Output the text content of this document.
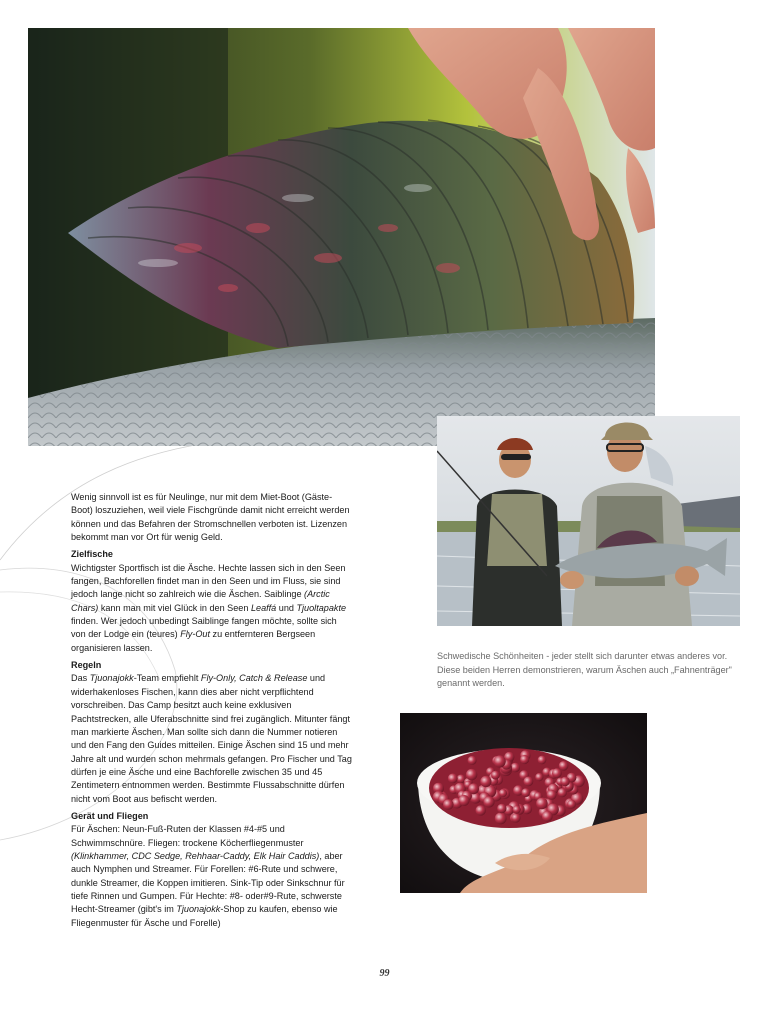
Wenig sinnvoll ist es für Neulinge, nur mit dem Miet-Boot (Gäste-Boot) loszuziehen, weil viele Fischgründe damit nicht erreicht werden können und das Befahren der Stromschnellen verboten ist. Lizenzen bekommt man vor Ort für wenig Geld.

Zielfische

Wichtigster Sportfisch ist die Äsche. Hechte lassen sich in den Seen fangen, Bachforellen findet man in den Seen und im Fluss, sie sind jedoch lange nicht so zahlreich wie die Äschen. Saiblinge (Arctic Chars) kann man mit viel Glück in den Seen Leaffá und Tjuoltapakte finden. Wer jedoch unbedingt Saiblinge fangen möchte, sollte sich von der Lodge ein (teures) Fly-Out zu entfernteren Bergseen organisieren lassen.

Regeln

Das Tjuonajokk-Team empfiehlt Fly-Only, Catch & Release und widerhakenloses Fischen, kann dies aber nicht verpflichtend vorschreiben. Das Camp besitzt auch keine exklusiven Pachtstrecken, alle Uferabschnitte sind frei zugänglich. Mitunter fängt man markierte Äschen. Man sollte sich dann die Nummer notieren und den Fang den Guides mitteilen. Einige Äschen sind 15 und mehr Jahre alt und wurden schon mehrmals gefangen. Pro Fischer und Tag dürfen je eine Äsche und eine Bachforelle zwischen 35 und 45 Zentimetern entnommen werden. Bestimmte Flussabschnitte dürfen nicht vom Boot aus befischt werden.

Gerät und Fliegen

Für Äschen: Neun-Fuß-Ruten der Klassen #4-#5 und Schwimmschnüre. Fliegen: trockene Köcherfliegenmuster (Klinkhammer, CDC Sedge, Rehhaar-Caddy, Elk Hair Caddis), aber auch Nymphen und Streamer. Für Forellen: #6-Rute und schwere, dunkle Streamer, die Koppen imitieren. Sink-Tip oder Sinkschnur für tiefe Rinnen und Gumpen. Für Hechte: #8- oder#9-Rute, schwerste Hecht-Streamer (gibt's im Tjuonajokk-Shop zu kaufen, ebenso wie Fliegenmuster für Äsche und Forelle)

Schwedische Schönheiten - jeder stellt sich darunter etwas anderes vor. Diese beiden Herren demonstrieren, warum Äschen auch „Fahnenträger" genannt werden.

99
